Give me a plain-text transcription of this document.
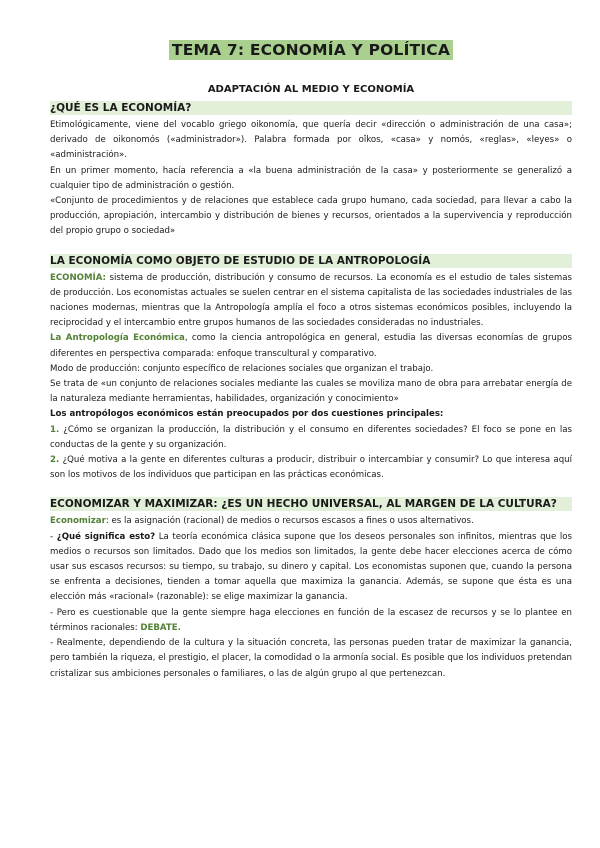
TEMA 7: ECONOMÍA Y POLÍTICA
ADAPTACIÓN AL MEDIO Y ECONOMÍA
¿QUÉ ES LA ECONOMÍA?

Etimológicamente, viene del vocablo griego oikonomía, que quería decir «dirección o administración de una casa»; derivado de oikonomós («administrador»). Palabra formada por oîkos, «casa» y nomós, «reglas», «leyes» o «administración».

En un primer momento, hacía referencia a «la buena administración de la casa» y posteriormente se generalizó a cualquier tipo de administración o gestión.

«Conjunto de procedimientos y de relaciones que establece cada grupo humano, cada sociedad, para llevar a cabo la producción, apropiación, intercambio y distribución de bienes y recursos, orientados a la supervivencia y reproducción del propio grupo o sociedad»

LA ECONOMÍA COMO OBJETO DE ESTUDIO DE LA ANTROPOLOGÍA

ECONOMÍA: sistema de producción, distribución y consumo de recursos. La economía es el estudio de tales sistemas de producción. Los economistas actuales se suelen centrar en el sistema capitalista de las sociedades industriales de las naciones modernas, mientras que la Antropología amplía el foco a otros sistemas económicos posibles, incluyendo la reciprocidad y el intercambio entre grupos humanos de las sociedades consideradas no industriales.

La Antropología Económica, como la ciencia antropológica en general, estudia las diversas economías de grupos diferentes en perspectiva comparada: enfoque transcultural y comparativo.

Modo de producción: conjunto específico de relaciones sociales que organizan el trabajo.

Se trata de «un conjunto de relaciones sociales mediante las cuales se moviliza mano de obra para arrebatar energía de la naturaleza mediante herramientas, habilidades, organización y conocimiento»

Los antropólogos económicos están preocupados por dos cuestiones principales:

1. ¿Cómo se organizan la producción, la distribución y el consumo en diferentes sociedades? El foco se pone en las conductas de la gente y su organización.

2. ¿Qué motiva a la gente en diferentes culturas a producir, distribuir o intercambiar y consumir? Lo que interesa aquí son los motivos de los individuos que participan en las prácticas económicas.

ECONOMIZAR Y MAXIMIZAR: ¿ES UN HECHO UNIVERSAL, AL MARGEN DE LA CULTURA?

Economizar: es la asignación (racional) de medios o recursos escasos a fines o usos alternativos.

- ¿Qué significa esto? La teoría económica clásica supone que los deseos personales son infinitos, mientras que los medios o recursos son limitados. Dado que los medios son limitados, la gente debe hacer elecciones acerca de cómo usar sus escasos recursos: su tiempo, su trabajo, su dinero y capital. Los economistas suponen que, cuando la persona se enfrenta a decisiones, tienden a tomar aquella que maximiza la ganancia. Además, se supone que ésta es una elección más «racional» (razonable): se elige maximizar la ganancia.

- Pero es cuestionable que la gente siempre haga elecciones en función de la escasez de recursos y se lo plantee en términos racionales: DEBATE.

- Realmente, dependiendo de la cultura y la situación concreta, las personas pueden tratar de maximizar la ganancia, pero también la riqueza, el prestigio, el placer, la comodidad o la armonía social. Es posible que los individuos pretendan cristalizar sus ambiciones personales o familiares, o las de algún grupo al que pertenezcan.
